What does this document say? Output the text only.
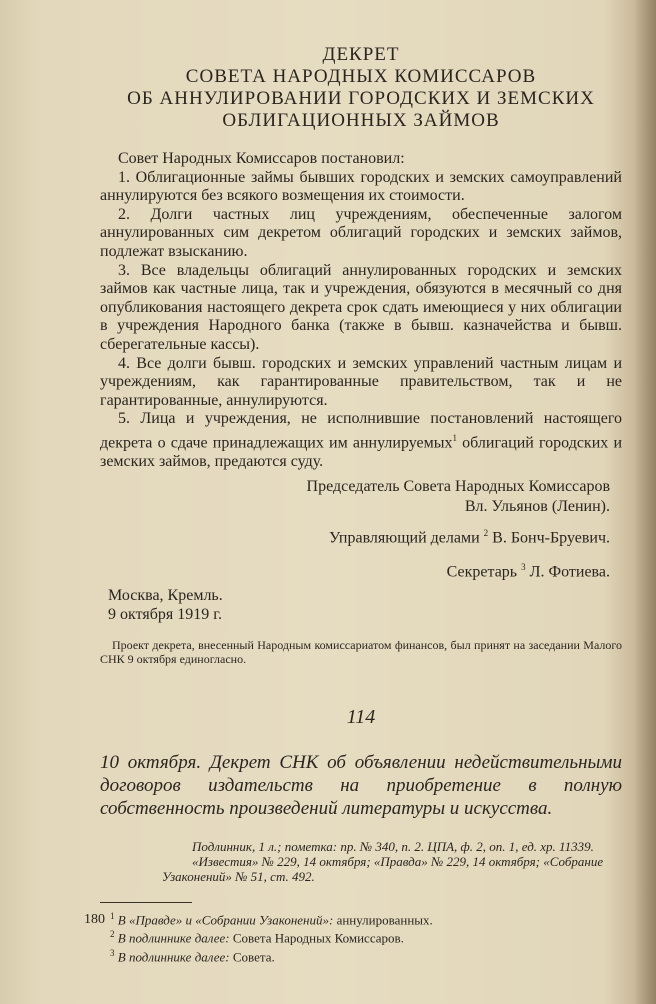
ДЕКРЕТ
СОВЕТА НАРОДНЫХ КОМИССАРОВ
ОБ АННУЛИРОВАНИИ ГОРОДСКИХ И ЗЕМСКИХ
ОБЛИГАЦИОННЫХ ЗАЙМОВ

Совет Народных Комиссаров постановил:

1. Облигационные займы бывших городских и земских самоуправлений аннулируются без всякого возмещения их стоимости.

2. Долги частных лиц учреждениям, обеспеченные залогом аннулированных сим декретом облигаций городских и земских займов, подлежат взысканию.

3. Все владельцы облигаций аннулированных городских и земских займов как частные лица, так и учреждения, обязуются в месячный со дня опубликования настоящего декрета срок сдать имеющиеся у них облигации в учреждения Народного банка (также в бывш. казначейства и бывш. сберегательные кассы).

4. Все долги бывш. городских и земских управлений частным лицам и учреждениям, как гарантированные правительством, так и не гарантированные, аннулируются.

5. Лица и учреждения, не исполнившие постановлений настоящего декрета о сдаче принадлежащих им аннулируемых$^1$ облигаций городских и земских займов, предаются суду.

Председатель Совета Народных Комиссаров
Вл. Ульянов (Ленин).
Управляющий делами $^2$ В. Бонч-Бруевич.
Секретарь $^3$ Л. Фотиева.
Москва, Кремль.
9 октября 1919 г.

Проект декрета, внесенный Народным комиссариатом финансов, был принят на заседании Малого СНК 9 октября единогласно.

114

10 октября. Декрет СНК об объявлении недействительными договоров издательств на приобретение в полную собственность произведений литературы и искусства.

Подлинник, 1 л.; пометка: пр. № 340, п. 2. ЦПА, ф. 2, оп. 1, ед. хр. 11339.

«Известия» № 229, 14 октября; «Правда» № 229, 14 октября; «Собрание Узаконений» № 51, ст. 492.

$^1$ В «Правде» и «Собрании Узаконений»: аннулированных.
$^2$ В подлиннике далее: Совета Народных Комиссаров.
$^3$ В подлиннике далее: Совета.
180
